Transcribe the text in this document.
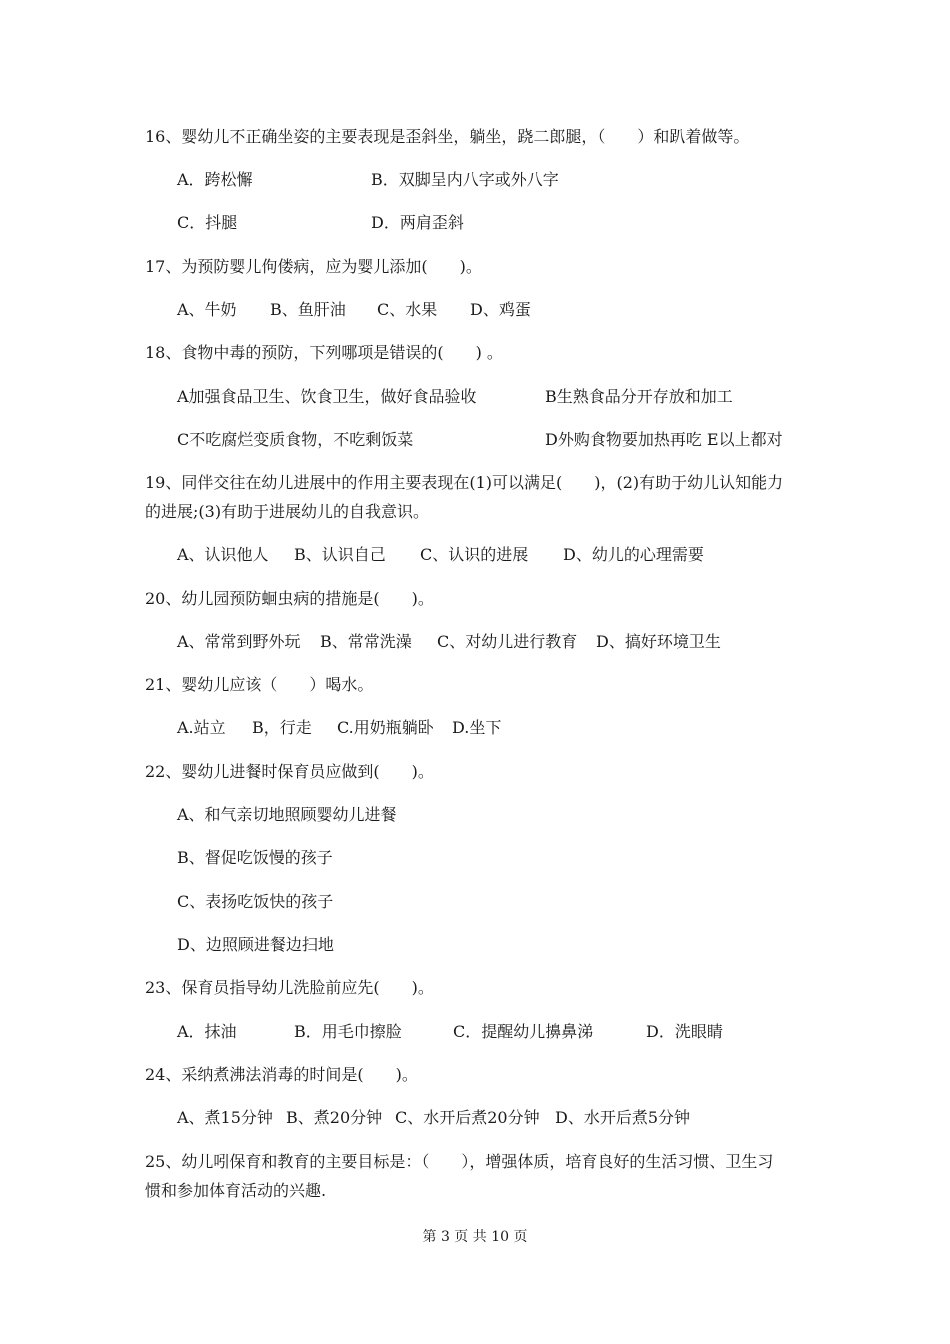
16、婴幼儿不正确坐姿的主要表现是歪斜坐，躺坐，跷二郎腿，（　　）和趴着做等。
A．跨松懈	B．双脚呈内八字或外八字
C．抖腿	D．两肩歪斜
17、为预防婴儿佝偻病，应为婴儿添加(　　)。
A、牛奶 B、鱼肝油 C、水果 D、鸡蛋
18、食物中毒的预防，下列哪项是错误的(　　) 。
A加强食品卫生、饮食卫生，做好食品验收	B生熟食品分开存放和加工
C不吃腐烂变质食物，不吃剩饭菜	D外购食物要加热再吃 E以上都对
19、同伴交往在幼儿进展中的作用主要表现在(1)可以满足(　　)，(2)有助于幼儿认知能力
的进展;(3)有助于进展幼儿的自我意识。
A、认识他人 B、认识自己 C、认识的进展 D、幼儿的心理需要
20、幼儿园预防蛔虫病的措施是(　　)。
A、常常到野外玩 B、常常洗澡 C、对幼儿进行教育 D、搞好环境卫生
21、婴幼儿应该（　　）喝水。
A.站立 B，行走 C.用奶瓶躺卧 D.坐下
22、婴幼儿进餐时保育员应做到(　　)。
A、和气亲切地照顾婴幼儿进餐
B、督促吃饭慢的孩子
C、表扬吃饭快的孩子
D、边照顾进餐边扫地
23、保育员指导幼儿洗脸前应先(　　)。
A．抹油	B．用毛巾擦脸	C．提醒幼儿擤鼻涕	D．洗眼睛
24、采纳煮沸法消毒的时间是(　　)。
A、煮15分钟 B、煮20分钟 C、水开后煮20分钟 D、水开后煮5分钟
25、幼儿吲保育和教育的主要目标是：（　　），增强体质，培育良好的生活习惯、卫生习
惯和参加体育活动的兴趣.
第 3 页 共 10 页
